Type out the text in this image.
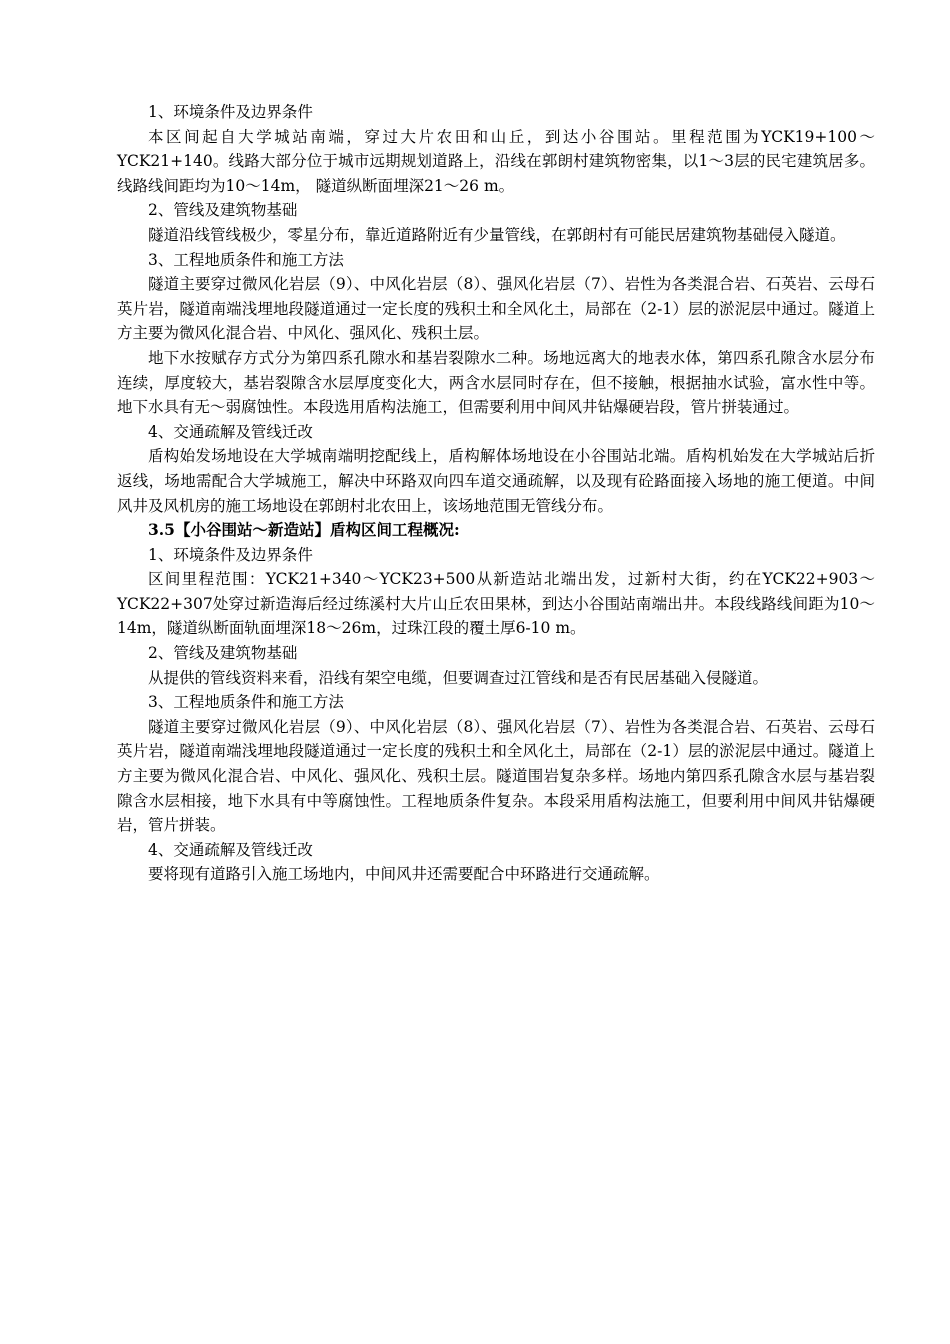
1、环境条件及边界条件

本区间起自大学城站南端，穿过大片农田和山丘，到达小谷围站。里程范围为YCK19+100～YCK21+140。线路大部分位于城市远期规划道路上，沿线在郭朗村建筑物密集，以1～3层的民宅建筑居多。线路线间距均为10～14m， 隧道纵断面埋深21～26 m。

2、管线及建筑物基础

隧道沿线管线极少，零星分布，靠近道路附近有少量管线，在郭朗村有可能民居建筑物基础侵入隧道。

3、工程地质条件和施工方法

隧道主要穿过微风化岩层（9）、中风化岩层（8）、强风化岩层（7）、岩性为各类混合岩、石英岩、云母石英片岩，隧道南端浅埋地段隧道通过一定长度的残积土和全风化土，局部在（2-1）层的淤泥层中通过。隧道上方主要为微风化混合岩、中风化、强风化、残积土层。

地下水按赋存方式分为第四系孔隙水和基岩裂隙水二种。场地远离大的地表水体，第四系孔隙含水层分布连续，厚度较大，基岩裂隙含水层厚度变化大，两含水层同时存在，但不接触，根据抽水试验，富水性中等。地下水具有无～弱腐蚀性。本段选用盾构法施工，但需要利用中间风井钻爆硬岩段，管片拼装通过。

4、交通疏解及管线迁改

盾构始发场地设在大学城南端明挖配线上，盾构解体场地设在小谷围站北端。盾构机始发在大学城站后折返线，场地需配合大学城施工，解决中环路双向四车道交通疏解，以及现有砼路面接入场地的施工便道。中间风井及风机房的施工场地设在郭朗村北农田上，该场地范围无管线分布。

3.5【小谷围站～新造站】盾构区间工程概况:

1、环境条件及边界条件

区间里程范围：YCK21+340～YCK23+500从新造站北端出发，过新村大街，约在YCK22+903～YCK22+307处穿过新造海后经过练溪村大片山丘农田果林，到达小谷围站南端出井。本段线路线间距为10～14m，隧道纵断面轨面埋深18～26m，过珠江段的覆土厚6-10 m。

2、管线及建筑物基础

从提供的管线资料来看，沿线有架空电缆，但要调查过江管线和是否有民居基础入侵隧道。

3、工程地质条件和施工方法

隧道主要穿过微风化岩层（9）、中风化岩层（8）、强风化岩层（7）、岩性为各类混合岩、石英岩、云母石英片岩，隧道南端浅埋地段隧道通过一定长度的残积土和全风化土，局部在（2-1）层的淤泥层中通过。隧道上方主要为微风化混合岩、中风化、强风化、残积土层。隧道围岩复杂多样。场地内第四系孔隙含水层与基岩裂隙含水层相接，地下水具有中等腐蚀性。工程地质条件复杂。本段采用盾构法施工，但要利用中间风井钻爆硬岩，管片拼装。

4、交通疏解及管线迁改

要将现有道路引入施工场地内，中间风井还需要配合中环路进行交通疏解。
